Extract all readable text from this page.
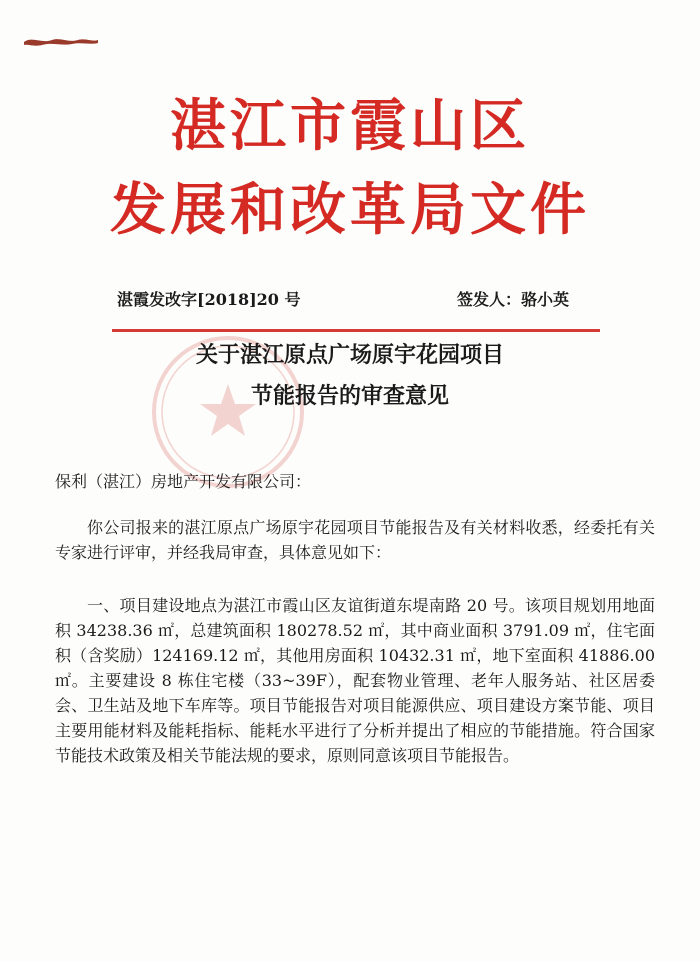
湛江市霞山区
发展和改革局文件
湛霞发改字[2018]20 号	签发人：骆小英
关于湛江原点广场原宇花园项目
节能报告的审查意见
保利（湛江）房地产开发有限公司：
你公司报来的湛江原点广场原宇花园项目节能报告及有关材料收悉，经委托有关专家进行评审，并经我局审查，具体意见如下：
一、项目建设地点为湛江市霞山区友谊街道东堤南路 20 号。该项目规划用地面积 34238.36 ㎡，总建筑面积 180278.52 ㎡，其中商业面积 3791.09 ㎡，住宅面积（含奖励）124169.12 ㎡，其他用房面积 10432.31 ㎡，地下室面积 41886.00 ㎡。主要建设 8 栋住宅楼（33~39F），配套物业管理、老年人服务站、社区居委会、卫生站及地下车库等。项目节能报告对项目能源供应、项目建设方案节能、项目主要用能材料及能耗指标、能耗水平进行了分析并提出了相应的节能措施。符合国家节能技术政策及相关节能法规的要求，原则同意该项目节能报告。
